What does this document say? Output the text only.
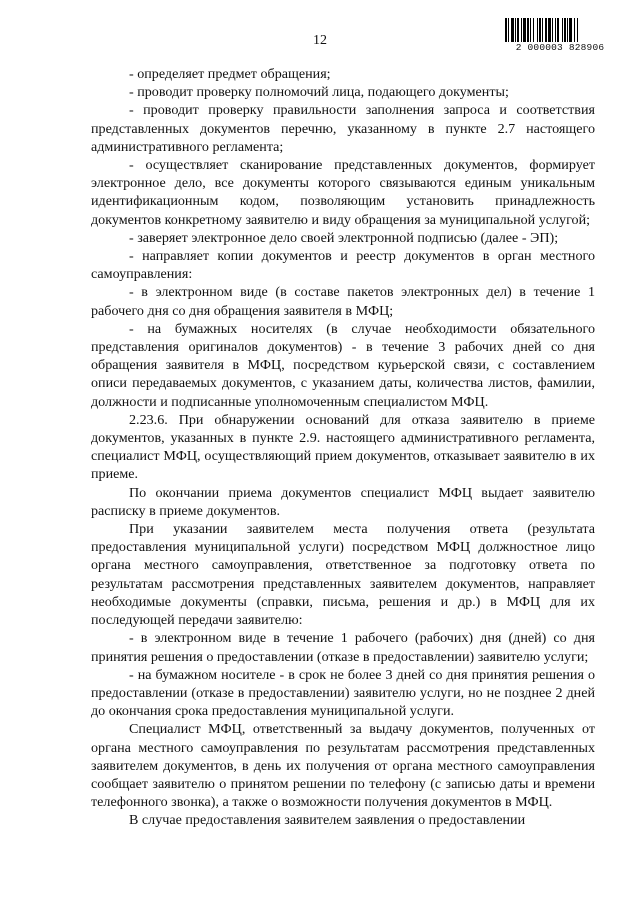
12	2 000003 828906

- определяет предмет обращения;

- проводит проверку полномочий лица, подающего документы;

- проводит проверку правильности заполнения запроса и соответствия представленных документов перечню, указанному в пункте 2.7 настоящего административного регламента;

- осуществляет сканирование представленных документов, формирует электронное дело, все документы которого связываются единым уникальным идентификационным кодом, позволяющим установить принадлежность документов конкретному заявителю и виду обращения за муниципальной услугой;

- заверяет электронное дело своей электронной подписью (далее - ЭП);

- направляет копии документов и реестр документов в орган местного самоуправления:

- в электронном виде (в составе пакетов электронных дел) в течение 1 рабочего дня со дня обращения заявителя в МФЦ;

- на бумажных носителях (в случае необходимости обязательного представления оригиналов документов) - в течение 3 рабочих дней со дня обращения заявителя в МФЦ, посредством курьерской связи, с составлением описи передаваемых документов, с указанием даты, количества листов, фамилии, должности и подписанные уполномоченным специалистом МФЦ.

2.23.6. При обнаружении оснований для отказа заявителю в приеме документов, указанных в пункте 2.9. настоящего административного регламента, специалист МФЦ, осуществляющий прием документов, отказывает заявителю в их приеме.

По окончании приема документов специалист МФЦ выдает заявителю расписку в приеме документов.

При указании заявителем места получения ответа (результата предоставления муниципальной услуги) посредством МФЦ должностное лицо органа местного самоуправления, ответственное за подготовку ответа по результатам рассмотрения представленных заявителем документов, направляет необходимые документы (справки, письма, решения и др.) в МФЦ для их последующей передачи заявителю:

- в электронном виде в течение 1 рабочего (рабочих) дня (дней) со дня принятия решения о предоставлении (отказе в предоставлении) заявителю услуги;

- на бумажном носителе - в срок не более 3 дней со дня принятия решения о предоставлении (отказе в предоставлении) заявителю услуги, но не позднее 2 дней до окончания срока предоставления муниципальной услуги.

Специалист МФЦ, ответственный за выдачу документов, полученных от органа местного самоуправления по результатам рассмотрения представленных заявителем документов, в день их получения от органа местного самоуправления сообщает заявителю о принятом решении по телефону (с записью даты и времени телефонного звонка), а также о возможности получения документов в МФЦ.

В случае предоставления заявителем заявления о предоставлении
